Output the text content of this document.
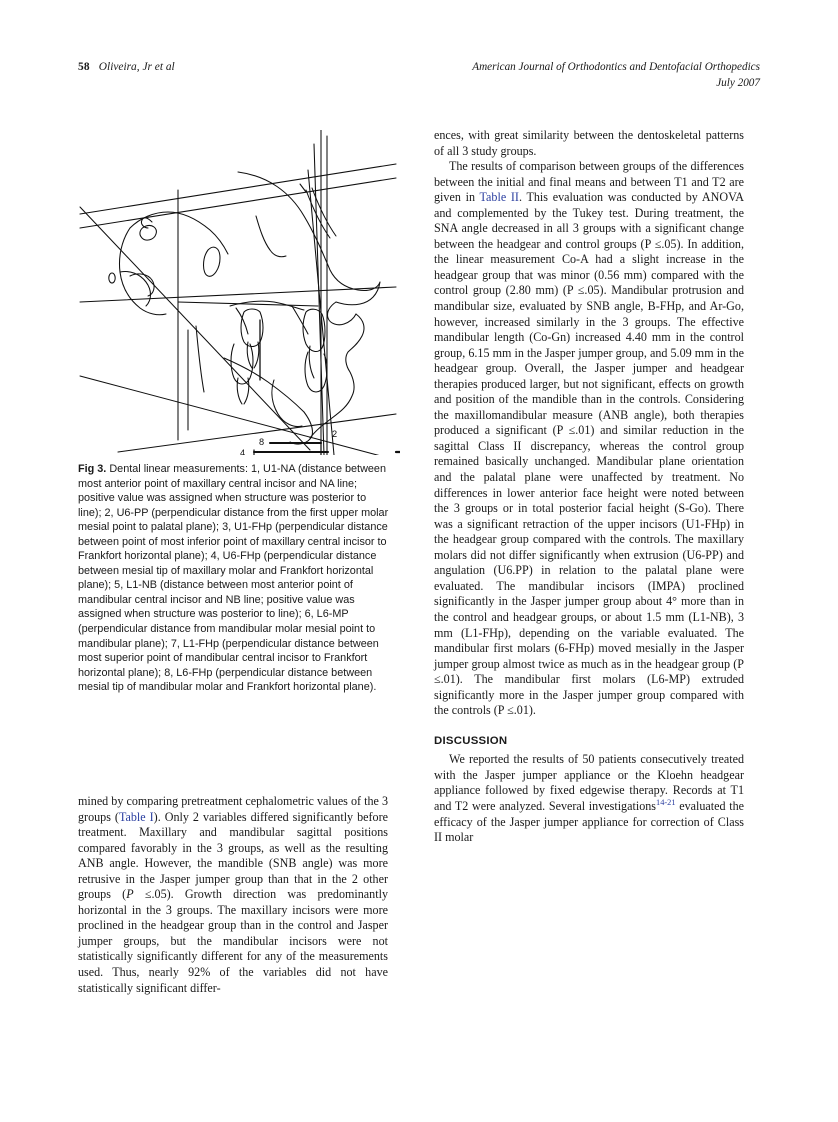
58 Oliveira, Jr et al	American Journal of Orthodontics and Dentofacial Orthopedics
July 2007
2
4
8
Fig 3. Dental linear measurements: 1, U1-NA (distance between most anterior point of maxillary central incisor and NA line; positive value was assigned when structure was posterior to line); 2, U6-PP (perpendicular distance from the first upper molar mesial point to palatal plane); 3, U1-FHp (perpendicular distance between point of most inferior point of maxillary central incisor to Frankfort horizontal plane); 4, U6-FHp (perpendicular distance between mesial tip of maxillary molar and Frankfort horizontal plane); 5, L1-NB (distance between most anterior point of mandibular central incisor and NB line; positive value was assigned when structure was posterior to line); 6, L6-MP (perpendicular distance from mandibular molar mesial point to mandibular plane); 7, L1-FHp (perpendicular distance between most superior point of mandibular central incisor to Frankfort horizontal plane); 8, L6-FHp (perpendicular distance between mesial tip of mandibular molar and Frankfort horizontal plane).

mined by comparing pretreatment cephalometric values of the 3 groups (Table I). Only 2 variables differed significantly before treatment. Maxillary and mandibular sagittal positions compared favorably in the 3 groups, as well as the resulting ANB angle. However, the mandible (SNB angle) was more retrusive in the Jasper jumper group than that in the 2 other groups (P ≤.05). Growth direction was predominantly horizontal in the 3 groups. The maxillary incisors were more proclined in the headgear group than in the control and Jasper jumper groups, but the mandibular incisors were not statistically significantly different for any of the measurements used. Thus, nearly 92% of the variables did not have statistically significant differ-

ences, with great similarity between the dentoskeletal patterns of all 3 study groups.

The results of comparison between groups of the differences between the initial and final means and between T1 and T2 are given in Table II. This evaluation was conducted by ANOVA and complemented by the Tukey test. During treatment, the SNA angle decreased in all 3 groups with a significant change between the headgear and control groups (P ≤.05). In addition, the linear measurement Co-A had a slight increase in the headgear group that was minor (0.56 mm) compared with the control group (2.80 mm) (P ≤.05). Mandibular protrusion and mandibular size, evaluated by SNB angle, B-FHp, and Ar-Go, however, increased similarly in the 3 groups. The effective mandibular length (Co-Gn) increased 4.40 mm in the control group, 6.15 mm in the Jasper jumper group, and 5.09 mm in the headgear group. Overall, the Jasper jumper and headgear therapies produced larger, but not significant, effects on growth and position of the mandible than in the controls. Considering the maxillomandibular measure (ANB angle), both therapies produced a significant (P ≤.01) and similar reduction in the sagittal Class II discrepancy, whereas the control group remained basically unchanged. Mandibular plane orientation and the palatal plane were unaffected by treatment. No differences in lower anterior face height were noted between the 3 groups or in total posterior facial height (S-Go). There was a significant retraction of the upper incisors (U1-FHp) in the headgear group compared with the controls. The maxillary molars did not differ significantly when extrusion (U6-PP) and angulation (U6.PP) in relation to the palatal plane were evaluated. The mandibular incisors (IMPA) proclined significantly in the Jasper jumper group about 4° more than in the control and headgear groups, or about 1.5 mm (L1-NB), 3 mm (L1-FHp), depending on the variable evaluated. The mandibular first molars (6-FHp) moved mesially in the Jasper jumper group almost twice as much as in the headgear group (P ≤.01). The mandibular first molars (L6-MP) extruded significantly more in the Jasper jumper group compared with the controls (P ≤.01).

DISCUSSION

We reported the results of 50 patients consecutively treated with the Jasper jumper appliance or the Kloehn headgear appliance followed by fixed edgewise therapy. Records at T1 and T2 were analyzed. Several investigations$^{14-21}$ evaluated the efficacy of the Jasper jumper appliance for correction of Class II molar
